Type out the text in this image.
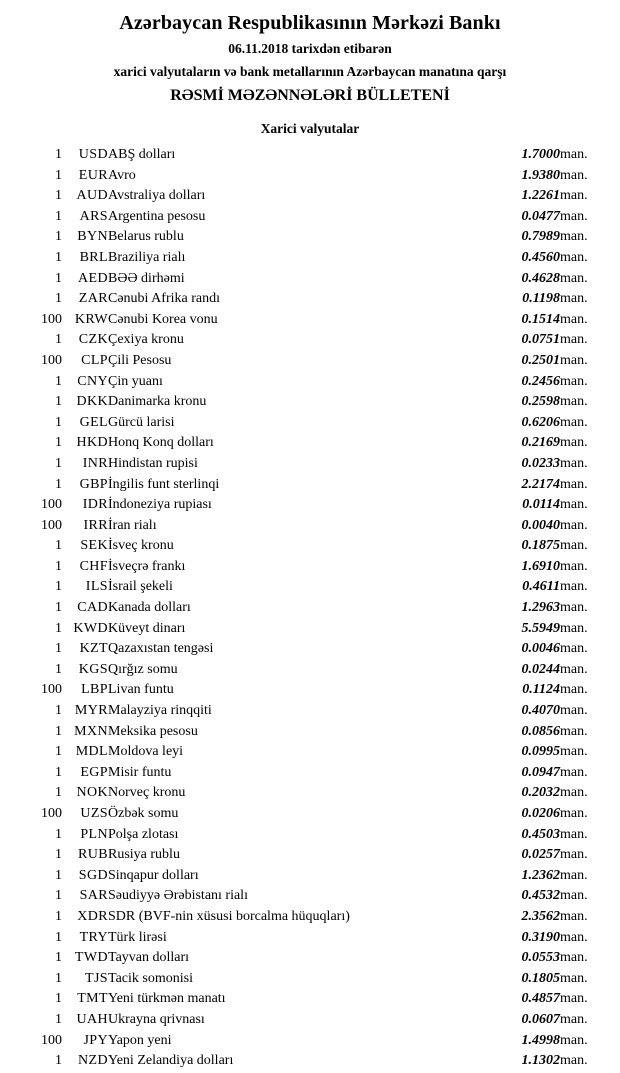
Azərbaycan Respublikasının Mərkəzi Bankı
06.11.2018 tarixdən etibarən
xarici valyutaların və bank metallarının Azərbaycan manatına qarşı
RƏSMİ MƏZƏNNƏLƏRİ BÜLLETENİ
Xarici valyutalar
1	USD	ABŞ dolları	1.7000	man.
1	EUR	Avro	1.9380	man.
1	AUD	Avstraliya dolları	1.2261	man.
1	ARS	Argentina pesosu	0.0477	man.
1	BYN	Belarus rublu	0.7989	man.
1	BRL	Braziliya rialı	0.4560	man.
1	AED	BƏƏ dirhəmi	0.4628	man.
1	ZAR	Cənubi Afrika randı	0.1198	man.
100	KRW	Cənubi Korea vonu	0.1514	man.
1	CZK	Çexiya kronu	0.0751	man.
100	CLP	Çili Pesosu	0.2501	man.
1	CNY	Çin yuanı	0.2456	man.
1	DKK	Danimarka kronu	0.2598	man.
1	GEL	Gürcü larisi	0.6206	man.
1	HKD	Honq Konq dolları	0.2169	man.
1	INR	Hindistan rupisi	0.0233	man.
1	GBP	İngilis funt sterlinqi	2.2174	man.
100	IDR	İndoneziya rupiası	0.0114	man.
100	IRR	İran rialı	0.0040	man.
1	SEK	İsveç kronu	0.1875	man.
1	CHF	İsveçrə frankı	1.6910	man.
1	ILS	İsrail şekeli	0.4611	man.
1	CAD	Kanada dolları	1.2963	man.
1	KWD	Küveyt dinarı	5.5949	man.
1	KZT	Qazaxıstan tengəsi	0.0046	man.
1	KGS	Qırğız somu	0.0244	man.
100	LBP	Livan funtu	0.1124	man.
1	MYR	Malayziya rinqqiti	0.4070	man.
1	MXN	Meksika pesosu	0.0856	man.
1	MDL	Moldova leyi	0.0995	man.
1	EGP	Misir funtu	0.0947	man.
1	NOK	Norveç kronu	0.2032	man.
100	UZS	Özbək somu	0.0206	man.
1	PLN	Polşa zlotası	0.4503	man.
1	RUB	Rusiya rublu	0.0257	man.
1	SGD	Sinqapur dolları	1.2362	man.
1	SAR	Səudiyyə Ərəbistanı rialı	0.4532	man.
1	XDR	SDR (BVF-nin xüsusi borcalma hüquqları)	2.3562	man.
1	TRY	Türk lirəsi	0.3190	man.
1	TWD	Tayvan dolları	0.0553	man.
1	TJS	Tacik somonisi	0.1805	man.
1	TMT	Yeni türkmən manatı	0.4857	man.
1	UAH	Ukrayna qrivnası	0.0607	man.
100	JPY	Yapon yeni	1.4998	man.
1	NZD	Yeni Zelandiya dolları	1.1302	man.
